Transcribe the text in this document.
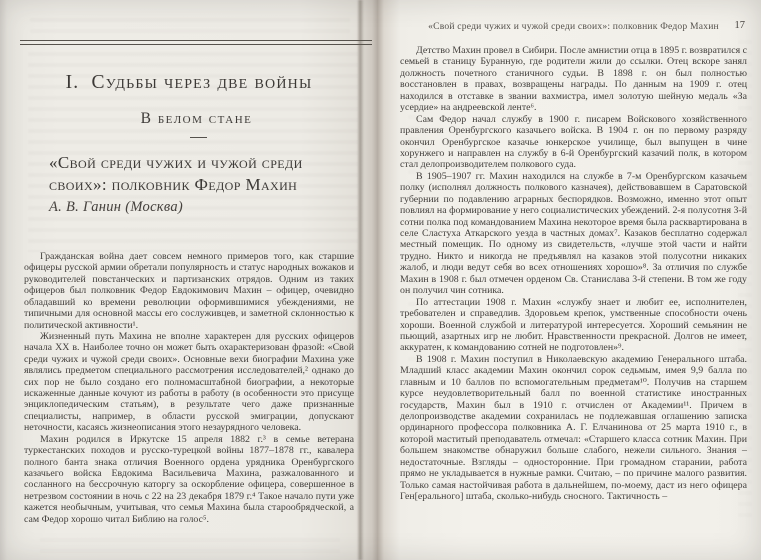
I. Судьбы через две войны
В белом стане
«Свой среди чужих и чужой среди своих»: полковник Федор Махин
А. В. Ганин (Москва)

Гражданская война дает совсем немного примеров того, как старшие офицеры русской армии обретали популярность и статус народных вожаков и руководителей повстанческих и партизанских отрядов. Одним из таких офицеров был полковник Федор Евдокимович Махин – офицер, очевидно обладавший ко времени революции оформившимися убеждениями, не типичными для основной массы его сослуживцев, и заметной склонностью к политической активности¹.

Жизненный путь Махина не вполне характерен для русских офицеров начала XX в. Наиболее точно он может быть охарактеризован фразой: «Свой среди чужих и чужой среди своих». Основные вехи биографии Махина уже являлись предметом специального рассмотрения исследователей,² однако до сих пор не было создано его полномасштабной биографии, а некоторые искаженные данные кочуют из работы в работу (в особенности это присуще энциклопедическим статьям), в результате чего даже признанные специалисты, например, в области русской эмиграции, допускают неточности, касаясь жизнеописания этого незаурядного человека.

Махин родился в Иркутске 15 апреля 1882 г.³ в семье ветерана туркестанских походов и русско-турецкой войны 1877–1878 гг., кавалера полного банта знака отличия Военного ордена урядника Оренбургского казачьего войска Евдокима Васильевича Махина, разжалованного и сосланного на бессрочную каторгу за оскорбление офицера, совершенное в нетрезвом состоянии в ночь с 22 на 23 декабря 1879 г.⁴ Такое начало пути уже кажется необычным, учитывая, что семья Махина была старообрядческой, а сам Федор хорошо читал Библию на голос⁵.

«Свой среди чужих и чужой среди своих»: полковник Федор Махин	17

Детство Махин провел в Сибири. После амнистии отца в 1895 г. возвратился с семьей в станицу Буранную, где родители жили до ссылки. Отец вскоре занял должность почетного станичного судьи. В 1898 г. он был полностью восстановлен в правах, возвращены награды. По данным на 1909 г. отец находился в отставке в звании вахмистра, имел золотую шейную медаль «За усердие» на андреевской ленте⁶.

Сам Федор начал службу в 1900 г. писарем Войскового хозяйственного правления Оренбургского казачьего войска. В 1904 г. он по первому разряду окончил Оренбургское казачье юнкерское училище, был выпущен в чине хорунжего и направлен на службу в 6-й Оренбургский казачий полк, в котором стал делопроизводителем полкового суда.

В 1905–1907 гг. Махин находился на службе в 7-м Оренбургском казачьем полку (исполнял должность полкового казначея), действовавшем в Саратовской губернии по подавлению аграрных беспорядков. Возможно, именно этот опыт повлиял на формирование у него социалистических убеждений. 2-я полусотня 3-й сотни полка под командованием Махина некоторое время была расквартирована в селе Сластуха Аткарского уезда в частных домах⁷. Казаков бесплатно содержал местный помещик. По одному из свидетельств, «лучше этой части и найти трудно. Никто и никогда не предъявлял на казаков этой полусотни никаких жалоб, и люди ведут себя во всех отношениях хорошо»⁸. За отличия по службе Махин в 1908 г. был отмечен орденом Св. Станислава 3-й степени. В том же году он получил чин сотника.

По аттестации 1908 г. Махин «службу знает и любит ее, исполнителен, требователен и справедлив. Здоровьем крепок, умственные способности очень хороши. Военной службой и литературой интересуется. Хороший семьянин не пьющий, азартных игр не любит. Нравственности прекрасной. Долгов не имеет, аккуратен, к командованию сотней не подготовлен»⁹.

В 1908 г. Махин поступил в Николаевскую академию Генерального штаба. Младший класс академии Махин окончил сорок седьмым, имея 9,9 балла по главным и 10 баллов по вспомогательным предметам¹⁰. Получив на старшем курсе неудовлетворительный балл по военной статистике иностранных государств, Махин был в 1910 г. отчислен от Академии¹¹. Причем в делопроизводстве академии сохранилась не подлежавшая оглашению записка ординарного профессора полковника А. Г. Елчанинова от 25 марта 1910 г., в которой маститый преподаватель отмечал: «Старшего класса сотник Махин. При большем знакомстве обнаружил больше слабого, нежели сильного. Знания – недостаточные. Взгляды – односторонние. При громадном старании, работа прямо не укладывается в нужные рамки. Считаю, – по причине малого развития. Только самая настойчивая работа в дальнейшем, по-моему, даст из него офицера Ген[ерального] штаба, сколько-нибудь сносного. Тактичность –
